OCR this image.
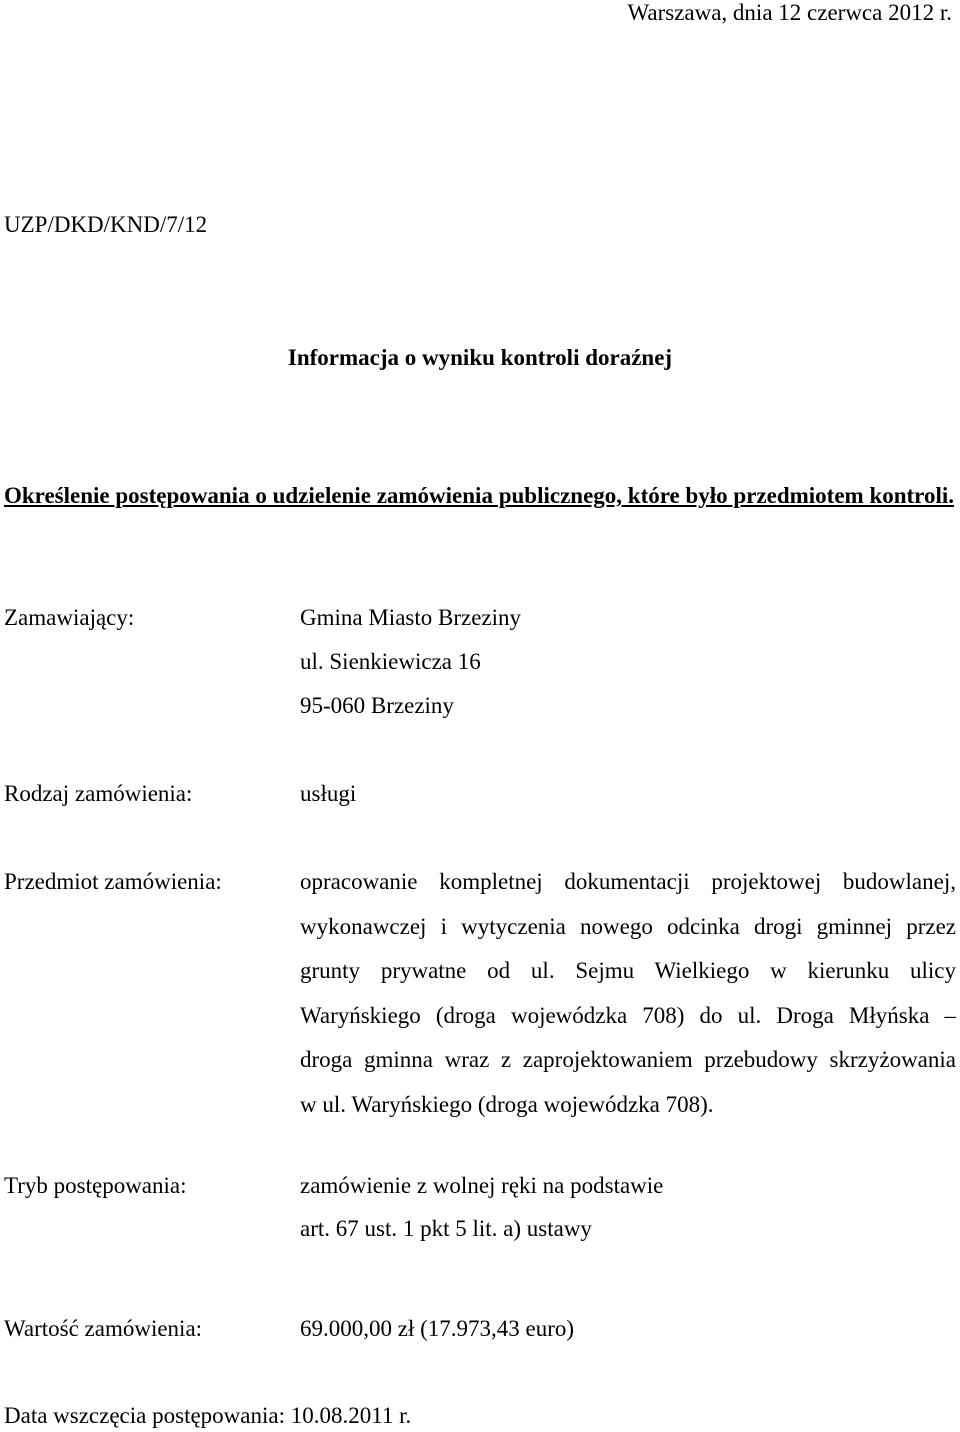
Warszawa, dnia 12 czerwca 2012 r.
UZP/DKD/KND/7/12
Informacja o wyniku kontroli doraźnej
Określenie postępowania o udzielenie zamówienia publicznego, które było przedmiotem kontroli.
Zamawiający:	Gmina Miasto Brzeziny
ul. Sienkiewicza 16
95-060 Brzeziny
Rodzaj zamówienia:	usługi
Przedmiot zamówienia:	opracowanie kompletnej dokumentacji projektowej budowlanej,
wykonawczej i wytyczenia nowego odcinka drogi gminnej przez
grunty prywatne od ul. Sejmu Wielkiego w kierunku ulicy
Waryńskiego (droga wojewódzka 708) do ul. Droga Młyńska –
droga gminna wraz z zaprojektowaniem przebudowy skrzyżowania
w ul. Waryńskiego (droga wojewódzka 708).
Tryb postępowania:	zamówienie z wolnej ręki na podstawie
art. 67 ust. 1 pkt 5 lit. a) ustawy
Wartość zamówienia:	69.000,00 zł (17.973,43 euro)
Data wszczęcia postępowania: 10.08.2011 r.
